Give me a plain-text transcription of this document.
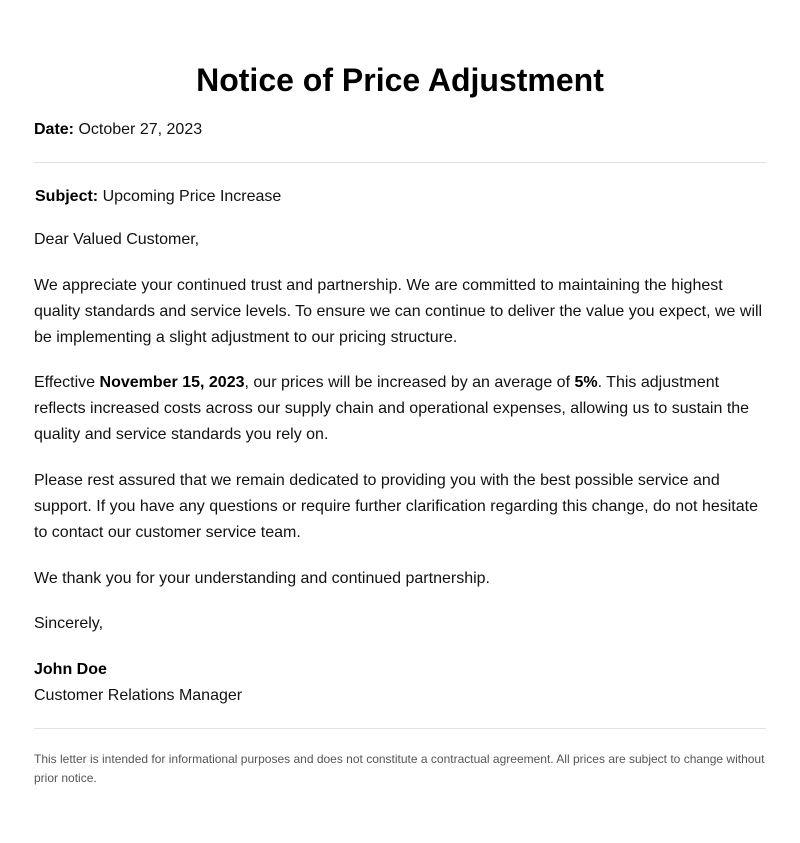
Notice of Price Adjustment
Date: October 27, 2023
Subject: Upcoming Price Increase

Dear Valued Customer,

We appreciate your continued trust and partnership. We are committed to maintaining the highest quality standards and service levels. To ensure we can continue to deliver the value you expect, we will be implementing a slight adjustment to our pricing structure.

Effective November 15, 2023, our prices will be increased by an average of 5%. This adjustment reflects increased costs across our supply chain and operational expenses, allowing us to sustain the quality and service standards you rely on.

Please rest assured that we remain dedicated to providing you with the best possible service and support. If you have any questions or require further clarification regarding this change, do not hesitate to contact our customer service team.

We thank you for your understanding and continued partnership.

Sincerely,

John Doe
Customer Relations Manager
This letter is intended for informational purposes and does not constitute a contractual agreement. All prices are subject to change without prior notice.
